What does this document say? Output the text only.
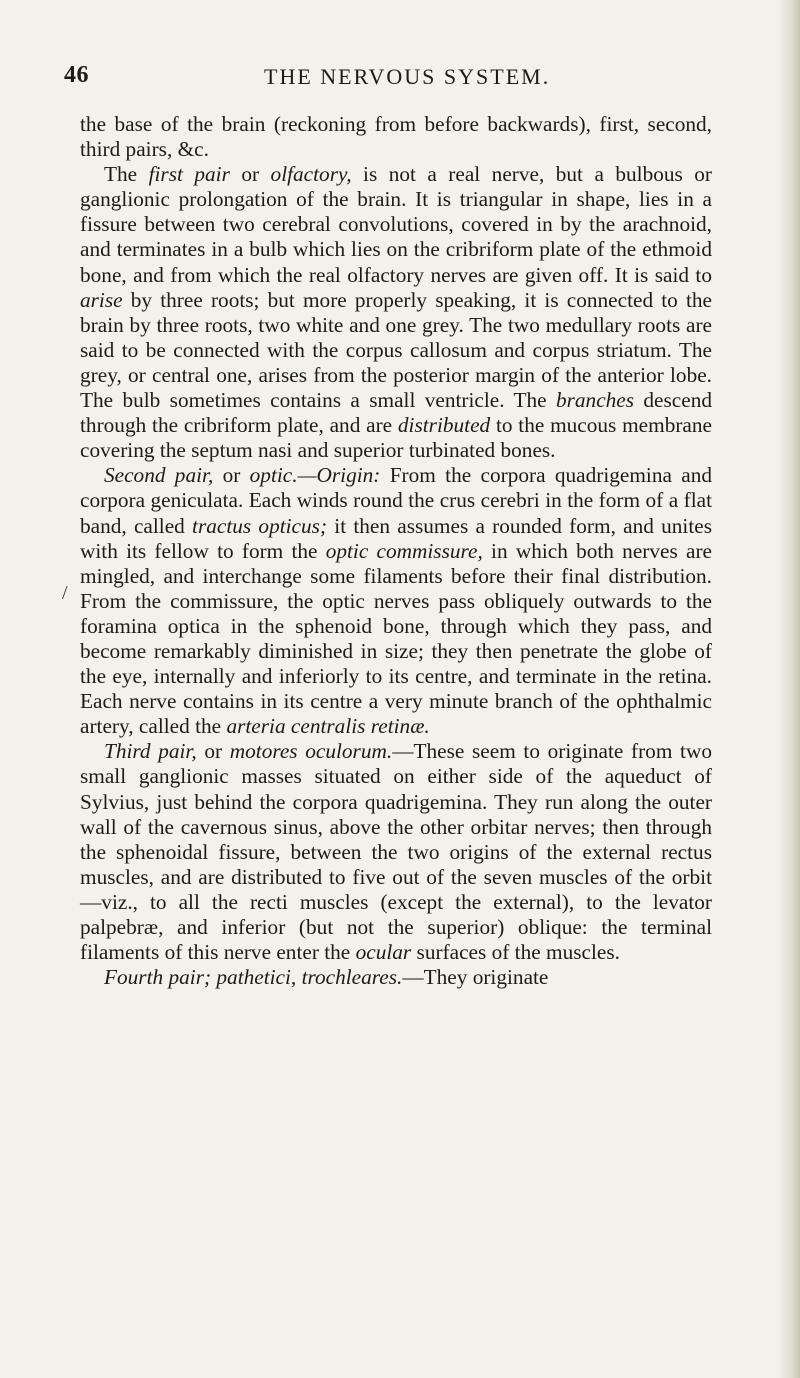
46	THE NERVOUS SYSTEM.
/

the base of the brain (reckoning from before backwards), first, second, third pairs, &c.

The first pair or olfactory, is not a real nerve, but a bulbous or ganglionic prolongation of the brain. It is triangular in shape, lies in a fissure between two cerebral convolutions, covered in by the arachnoid, and terminates in a bulb which lies on the cribriform plate of the ethmoid bone, and from which the real olfactory nerves are given off. It is said to arise by three roots; but more properly speaking, it is connected to the brain by three roots, two white and one grey. The two medullary roots are said to be connected with the corpus callosum and corpus striatum. The grey, or central one, arises from the posterior margin of the anterior lobe. The bulb sometimes contains a small ventricle. The branches descend through the cribriform plate, and are distributed to the mucous membrane covering the septum nasi and superior turbinated bones.

Second pair, or optic.—Origin: From the corpora quadrigemina and corpora geniculata. Each winds round the crus cerebri in the form of a flat band, called tractus opticus; it then assumes a rounded form, and unites with its fellow to form the optic commissure, in which both nerves are mingled, and interchange some filaments before their final distribution. From the commissure, the optic nerves pass obliquely outwards to the foramina optica in the sphenoid bone, through which they pass, and become remarkably diminished in size; they then penetrate the globe of the eye, internally and inferiorly to its centre, and terminate in the retina. Each nerve contains in its centre a very minute branch of the ophthalmic artery, called the arteria centralis retinæ.

Third pair, or motores oculorum.—These seem to originate from two small ganglionic masses situated on either side of the aqueduct of Sylvius, just behind the corpora quadrigemina. They run along the outer wall of the cavernous sinus, above the other orbitar nerves; then through the sphenoidal fissure, between the two origins of the external rectus muscles, and are distributed to five out of the seven muscles of the orbit—viz., to all the recti muscles (except the external), to the levator palpebræ, and inferior (but not the superior) oblique: the terminal filaments of this nerve enter the ocular surfaces of the muscles.

Fourth pair; pathetici, trochleares.—They originate
